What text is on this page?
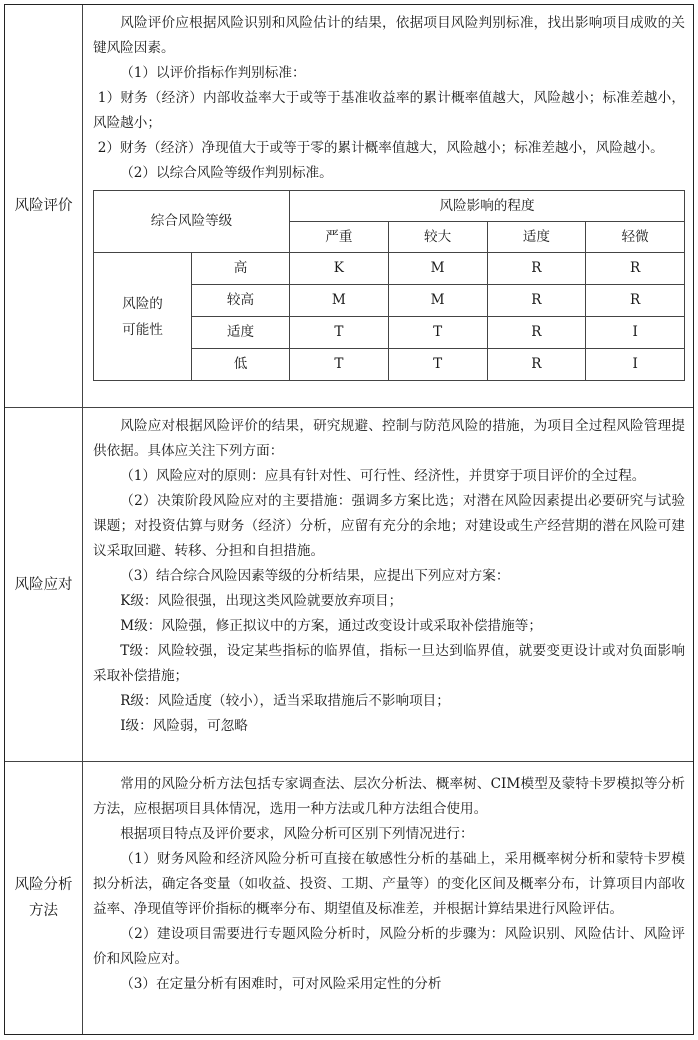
风险评价

风险评价应根据风险识别和风险估计的结果，依据项目风险判别标准，找出影响项目成败的关键风险因素。

（1）以评价指标作判别标准：

1）财务（经济）内部收益率大于或等于基准收益率的累计概率值越大，风险越小；标准差越小，风险越小；

2）财务（经济）净现值大于或等于零的累计概率值越大，风险越小；标准差越小，风险越小。

（2）以综合风险等级作判别标准。

综合风险等级		风险影响的程度			
		严重	较大	适度	轻微
风险的可能性	高	K	M	R	R
	较高	M	M	R	R
	适度	T	T	R	I
	低	T	T	R	I
风险应对

风险应对根据风险评价的结果，研究规避、控制与防范风险的措施，为项目全过程风险管理提供依据。具体应关注下列方面：

（1）风险应对的原则：应具有针对性、可行性、经济性，并贯穿于项目评价的全过程。

（2）决策阶段风险应对的主要措施：强调多方案比选；对潜在风险因素提出必要研究与试验课题；对投资估算与财务（经济）分析，应留有充分的余地；对建设或生产经营期的潜在风险可建议采取回避、转移、分担和自担措施。

（3）结合综合风险因素等级的分析结果，应提出下列应对方案：

K级：风险很强，出现这类风险就要放弃项目；

M级：风险强，修正拟议中的方案，通过改变设计或采取补偿措施等；

T级：风险较强，设定某些指标的临界值，指标一旦达到临界值，就要变更设计或对负面影响采取补偿措施；

R级：风险适度（较小），适当采取措施后不影响项目；

I级：风险弱，可忽略

风险分析方法

常用的风险分析方法包括专家调查法、层次分析法、概率树、CIM模型及蒙特卡罗模拟等分析方法，应根据项目具体情况，选用一种方法或几种方法组合使用。

根据项目特点及评价要求，风险分析可区别下列情况进行：

（1）财务风险和经济风险分析可直接在敏感性分析的基础上，采用概率树分析和蒙特卡罗模拟分析法，确定各变量（如收益、投资、工期、产量等）的变化区间及概率分布，计算项目内部收益率、净现值等评价指标的概率分布、期望值及标准差，并根据计算结果进行风险评估。

（2）建设项目需要进行专题风险分析时，风险分析的步骤为：风险识别、风险估计、风险评价和风险应对。

（3）在定量分析有困难时，可对风险采用定性的分析
